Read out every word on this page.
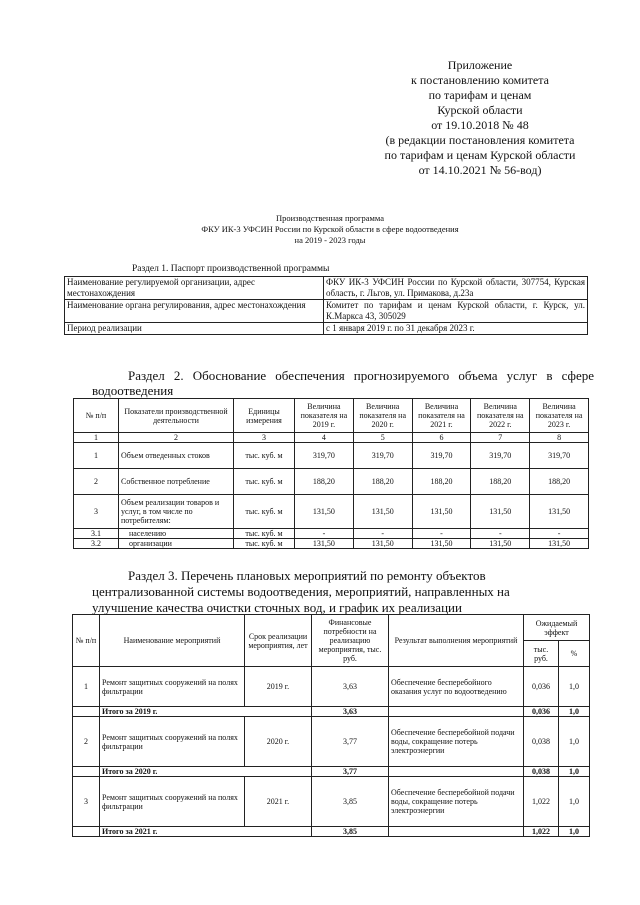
Приложение
к постановлению комитета
по тарифам и ценам
Курской области
от 19.10.2018 № 48
(в редакции постановления комитета
по тарифам и ценам Курской области
от 14.10.2021 № 56-вод)
Производственная программа
ФКУ ИК-3 УФСИН России по Курской области в сфере водоотведения
на 2019 - 2023 годы
Раздел 1. Паспорт производственной программы
Наименование регулируемой организации, адрес местонахождения	ФКУ ИК-3 УФСИН России по Курской области, 307754, Курская область, г. Льгов, ул. Примакова, д.23а
Наименование органа регулирования, адрес местонахождения	Комитет по тарифам и ценам Курской области, г. Курск, ул. К.Маркса 43, 305029
Период реализации	с 1 января 2019 г. по 31 декабря 2023 г.
Раздел 2. Обоснование обеспечения прогнозируемого объема услуг в сфере водоотведения
№ п/п	Показатели производственной деятельности	Единицы измерения	Величина показателя на 2019 г.	Величина показателя на 2020 г.	Величина показателя на 2021 г.	Величина показателя на 2022 г.	Величина показателя на 2023 г.
1	2	3	4	5	6	7	8
1	Объем отведенных стоков	тыс. куб. м	319,70	319,70	319,70	319,70	319,70
2	Собственное потребление	тыс. куб. м	188,20	188,20	188,20	188,20	188,20
3	Объем реализации товаров и услуг, в том числе по потребителям:	тыс. куб. м	131,50	131,50	131,50	131,50	131,50
3.1	населению	тыс. куб. м	-	-	-	-	-
3.2	организации	тыс. куб. м	131,50	131,50	131,50	131,50	131,50
Раздел 3. Перечень плановых мероприятий по ремонту объектов
централизованной системы водоотведения, мероприятий, направленных на
улучшение качества очистки сточных вод, и график их реализации
№ п/п	Наименование мероприятий	Срок реализации мероприятия, лет	Финансовые потребности на реализацию мероприятия, тыс. руб.	Результат выполнения мероприятий	Ожидаемый эффект	
					тыс. руб.	%
1	Ремонт защитных сооружений на полях фильтрации	2019 г.	3,63	Обеспечение бесперебойного оказания услуг по водоотведению	0,036	1,0
	Итого за 2019 г.		3,63		0,036	1,0
2	Ремонт защитных сооружений на полях фильтрации	2020 г.	3,77	Обеспечение бесперебойной подачи воды, сокращение потерь электроэнергии	0,038	1,0
	Итого за 2020 г.		3,77		0,038	1,0
3	Ремонт защитных сооружений на полях фильтрации	2021 г.	3,85	Обеспечение бесперебойной подачи воды, сокращение потерь электроэнергии	1,022	1,0
	Итого за 2021 г.		3,85		1,022	1,0
